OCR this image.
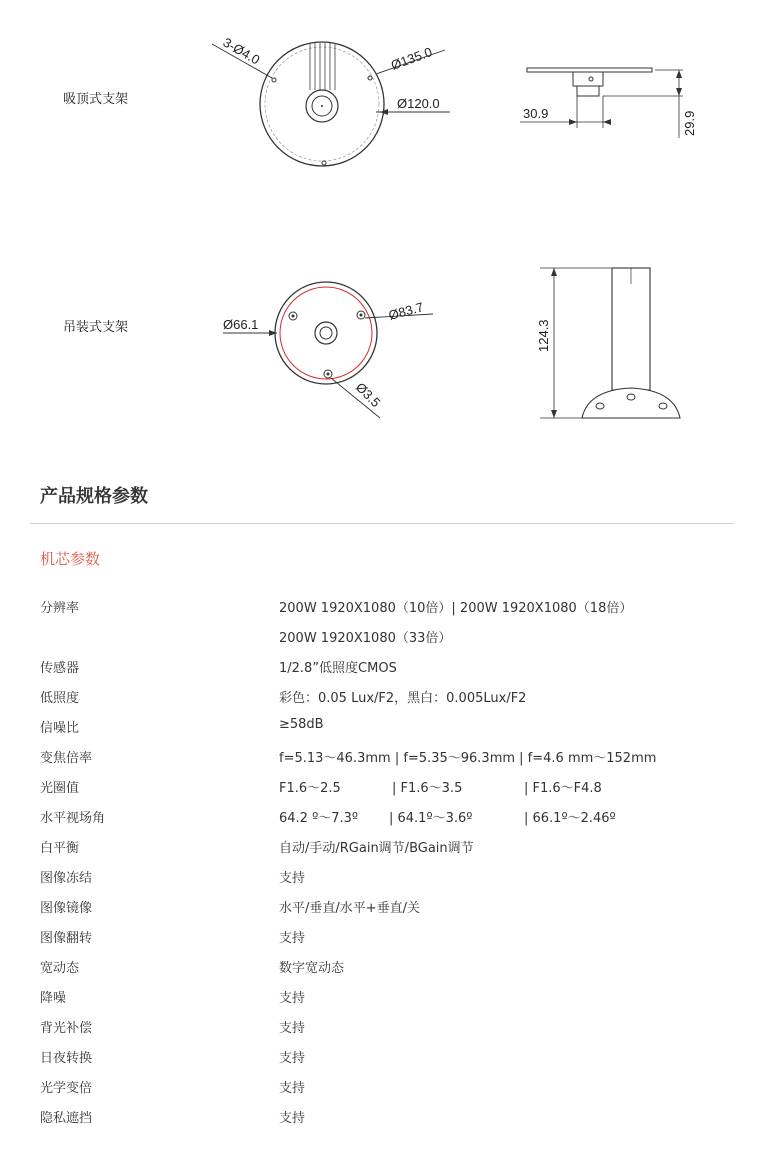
吸顶式支架
吊装式支架
3-Ø4.0	Ø135.0
Ø120.0
30.9	29.9
Ø66.1
Ø83.7
Ø3.5
124.3
产品规格参数
机芯参数
分辨率	200W 1920X1080（10倍）| 200W 1920X1080（18倍）
200W 1920X1080（33倍）
传感器	1/2.8”低照度CMOS
低照度	彩色：0.05 Lux/F2，黑白：0.005Lux/F2
信噪比	≥58dB
变焦倍率	f=5.13～46.3mm | f=5.35～96.3mm | f=4.6 mm～152mm
光圈值	F1.6～2.5	| F1.6～3.5	| F1.6～F4.8
水平视场角	64.2 º～7.3º | 64.1º～3.6º	| 66.1º～2.46º
白平衡	自动/手动/RGain调节/BGain调节
图像冻结	支持
图像镜像	水平/垂直/水平+垂直/关
图像翻转	支持
宽动态	数字宽动态
降噪	支持
背光补偿	支持
日夜转换	支持
光学变倍	支持
隐私遮挡	支持
